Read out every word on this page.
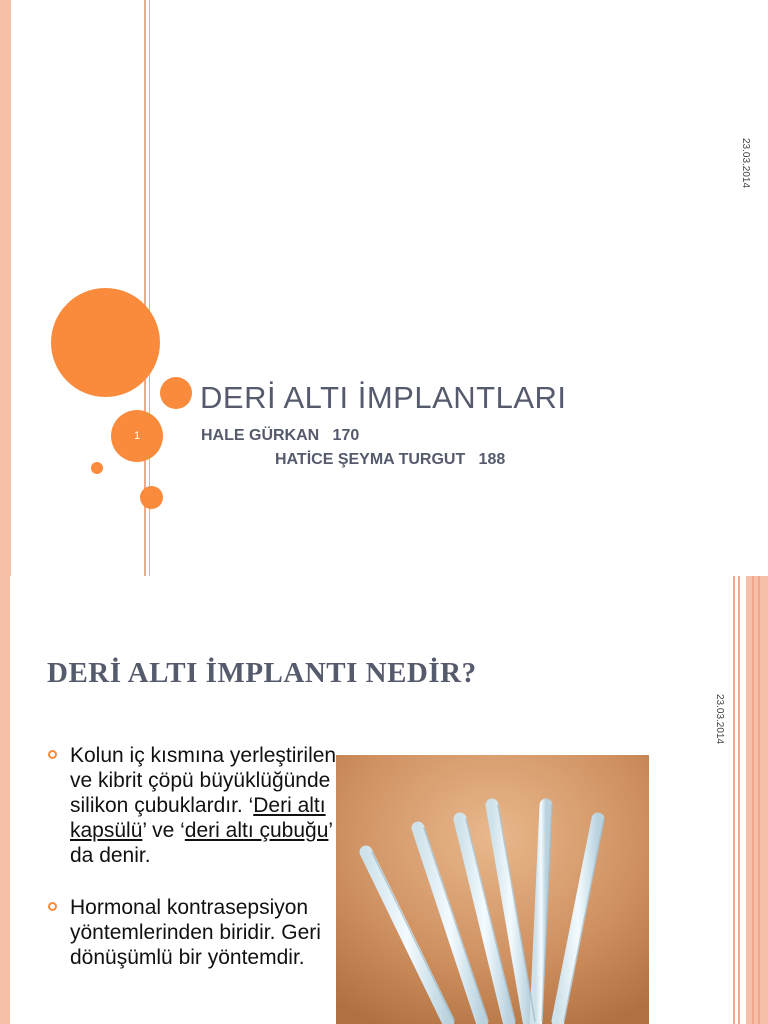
1
DERİ ALTI İMPLANTLARI
HALE GÜRKAN   170
HATİCE ŞEYMA TURGUT   188
23.03.2014
23.03.2014
DERİ ALTI İMPLANTI NEDİR?
Kolun iç kısmına yerleştirilen ve kibrit çöpü büyüklüğünde silikon çubuklardır. ‘Deri altı kapsülü’ ve ‘deri altı çubuğu’ da denir.
Hormonal kontrasepsiyon yöntemlerinden biridir. Geri dönüşümlü bir yöntemdir.
